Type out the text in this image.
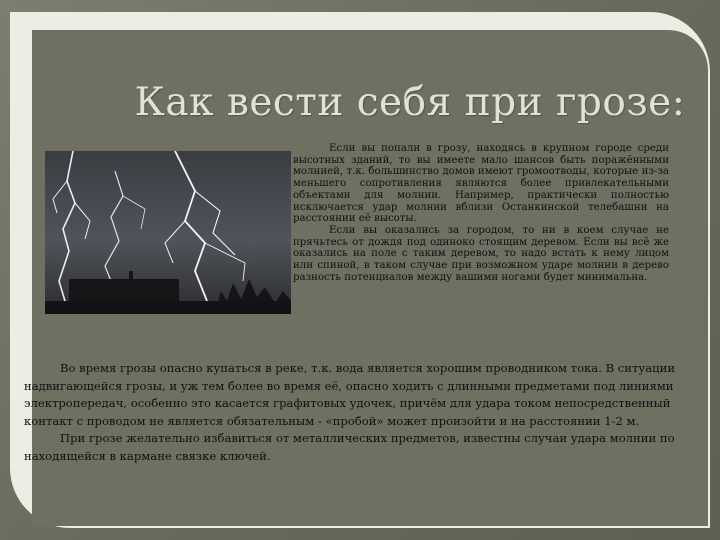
Как вести себя при грозе:

Если вы попали в грозу, находясь в крупном городе среди высотных зданий, то вы имеете мало шансов быть поражёнными молнией, т.к. большинство домов имеют громоотводы, которые из-за меньшего сопротивления являются более привлекательными объектами для молнии. Например, практически полностью исключается удар молнии вблизи Останкинской телебашни на расстоянии её высоты.

Если вы оказались за городом, то ни в коем случае не прячьтесь от дождя под одиноко стоящим деревом. Если вы всё же оказались на поле с таким деревом, то надо встать к нему лицом или спиной, в таком случае при возможном ударе молнии в дерево разность потенциалов между вашими ногами будет минимальна.

Во время грозы опасно купаться в реке, т.к. вода является хорошим проводником тока. В ситуации надвигающейся грозы, и уж тем более во время её, опасно ходить с длинными предметами под линиями электропередач, особенно это касается графитовых удочек, причём для удара током непосредственный контакт с проводом не является обязательным - «пробой» может произойти и на расстоянии 1-2 м.

При грозе желательно избавиться от металлических предметов, известны случаи удара молнии по находящейся в кармане связке ключей.
